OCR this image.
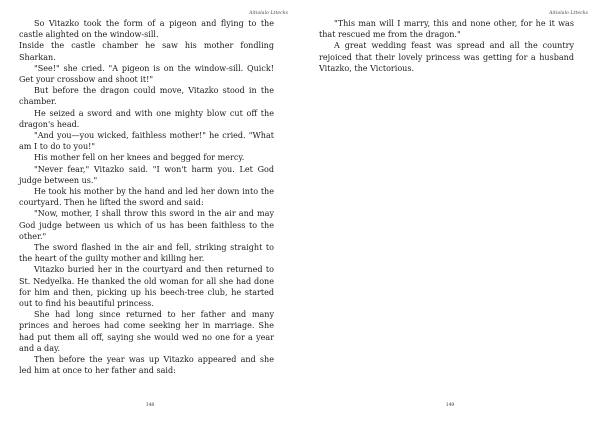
Aitiolalo Lttecks

So Vitazko took the form of a pigeon and flying to the castle alighted on the window-sill.

Inside the castle chamber he saw his mother fondling Sharkan.

"See!" she cried. "A pigeon is on the window-sill. Quick! Get your crossbow and shoot it!"

But before the dragon could move, Vitazko stood in the chamber.

He seized a sword and with one mighty blow cut off the dragon's head.

"And you—you wicked, faithless mother!" he cried. "What am I to do to you!"

His mother fell on her knees and begged for mercy.

"Never fear," Vitazko said. "I won't harm you. Let God judge between us."

He took his mother by the hand and led her down into the courtyard. Then he lifted the sword and said:

"Now, mother, I shall throw this sword in the air and may God judge between us which of us has been faithless to the other."

The sword flashed in the air and fell, striking straight to the heart of the guilty mother and killing her.

Vitazko buried her in the courtyard and then returned to St. Nedyelka. He thanked the old woman for all she had done for him and then, picking up his beech-tree club, he started out to find his beautiful princess.

She had long since returned to her father and many princes and heroes had come seeking her in marriage. She had put them all off, saying she would wed no one for a year and a day.

Then before the year was up Vitazko appeared and she led him at once to her father and said:

148
Aitiolalo Lttecks

"This man will I marry, this and none other, for he it was that rescued me from the dragon."

A great wedding feast was spread and all the country rejoiced that their lovely princess was getting for a husband Vitazko, the Victorious.

149
